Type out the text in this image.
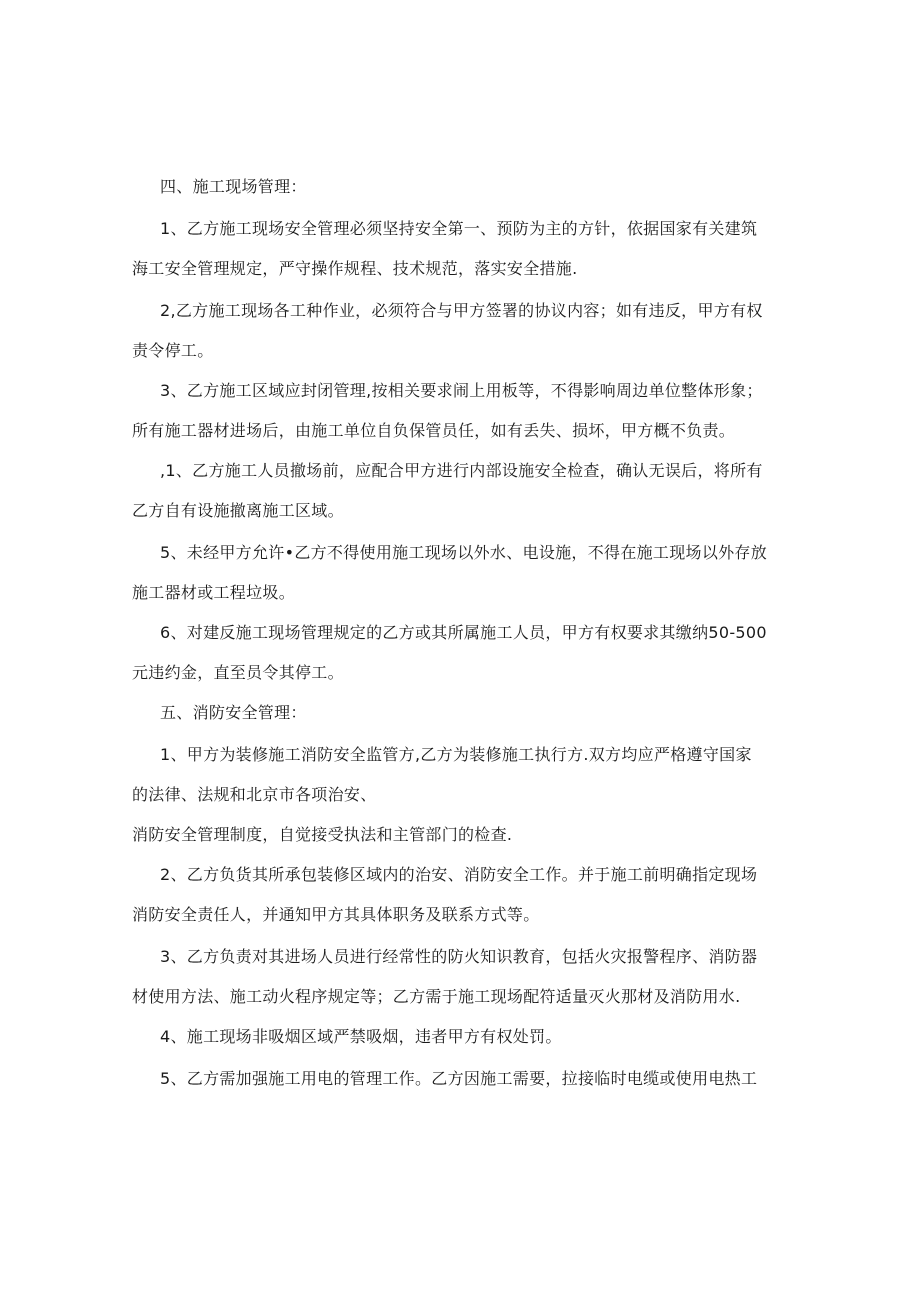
四、施工现场管理：

1、乙方施工现场安全管理必须坚持安全第一、预防为主的方针，依据国家有关建筑

海工安全管理规定，严守操作规程、技术规范，落实安全措施.

2,乙方施工现场各工种作业，必须符合与甲方签署的协议内容；如有违反，甲方有权

责令停工。

3、乙方施工区域应封闭管理,按相关要求闹上用板等，不得影响周边单位整体形象；

所有施工器材进场后，由施工单位自负保管员任，如有丢失、损坏，甲方概不负责。

,1、乙方施工人员撤场前，应配合甲方进行内部设施安全检查，确认无误后，将所有

乙方自有设施撤离施工区域。

5、未经甲方允许•乙方不得使用施工现场以外水、电设施，不得在施工现场以外存放

施工器材或工程垃圾。

6、对建反施工现场管理规定的乙方或其所属施工人员，甲方有权要求其缴纳50-500

元违约金，直至员令其停工。

五、消防安全管理：

1、甲方为装修施工消防安全监管方,乙方为装修施工执行方.双方均应严格遵守国家

的法律、法规和北京市各项治安、

消防安全管理制度，自觉接受执法和主管部门的检查.

2、乙方负货其所承包装修区域内的治安、消防安全工作。并于施工前明确指定现场

消防安全责任人，并通知甲方其具体职务及联系方式等。

3、乙方负责对其进场人员进行经常性的防火知识教育，包括火灾报警程序、消防器

材使用方法、施工动火程序规定等；乙方需于施工现场配符适量灭火那材及消防用水.

4、施工现场非吸烟区域严禁吸烟，违者甲方有权处罚。

5、乙方需加强施工用电的管理工作。乙方因施工需要，拉接临时电缆或使用电热工
